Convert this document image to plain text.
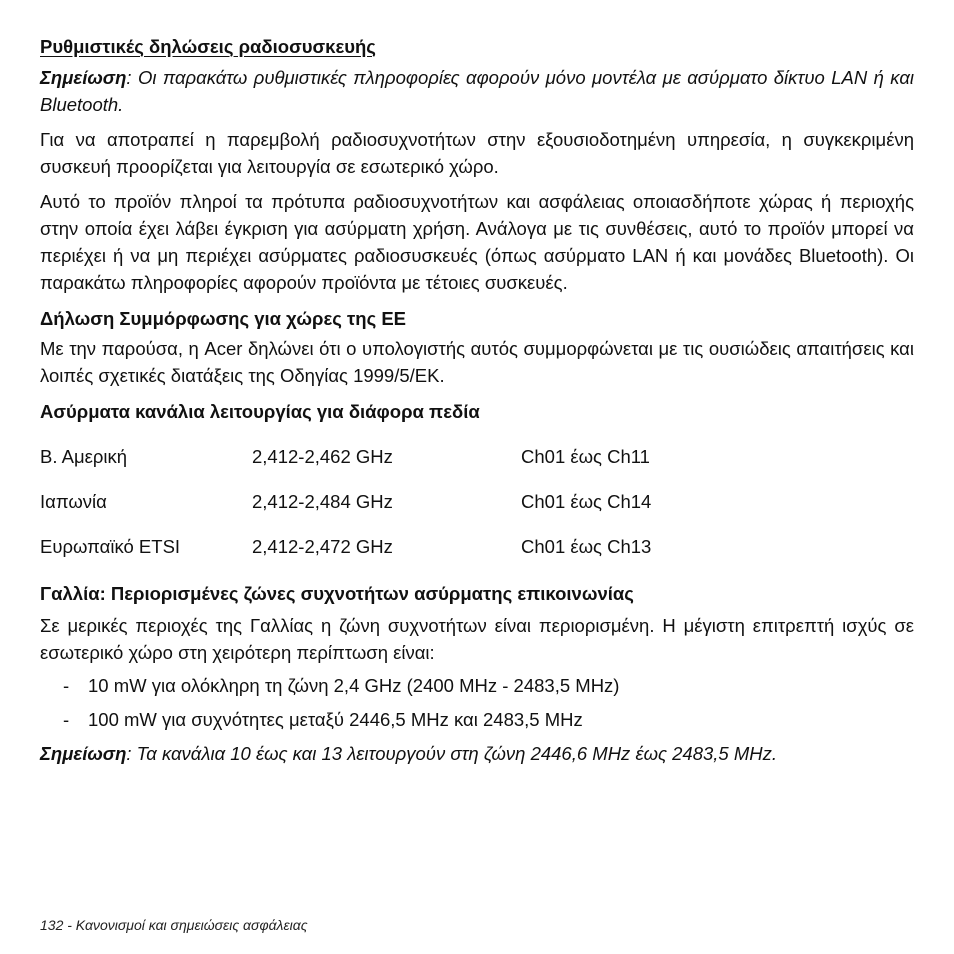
Ρυθμιστικές δηλώσεις ραδιοσυσκευής

Σημείωση: Οι παρακάτω ρυθμιστικές πληροφορίες αφορούν μόνο μοντέλα με ασύρματο δίκτυο LAN ή και Bluetooth.

Για να αποτραπεί η παρεμβολή ραδιοσυχνοτήτων στην εξουσιοδοτημένη υπηρεσία, η συγκεκριμένη συσκευή προορίζεται για λειτουργία σε εσωτερικό χώρο.

Αυτό το προϊόν πληροί τα πρότυπα ραδιοσυχνοτήτων και ασφάλειας οποιασδήποτε χώρας ή περιοχής στην οποία έχει λάβει έγκριση για ασύρματη χρήση. Ανάλογα με τις συνθέσεις, αυτό το προϊόν μπορεί να περιέχει ή να μη περιέχει ασύρματες ραδιοσυσκευές (όπως ασύρματο LAN ή και μονάδες Bluetooth). Οι παρακάτω πληροφορίες αφορούν προϊόντα με τέτοιες συσκευές.

Δήλωση Συμμόρφωσης για χώρες της ΕΕ

Με την παρούσα, η Acer δηλώνει ότι ο υπολογιστής αυτός συμμορφώνεται με τις ουσιώδεις απαιτήσεις και λοιπές σχετικές διατάξεις της Οδηγίας 1999/5/ΕΚ.

Ασύρματα κανάλια λειτουργίας για διάφορα πεδία
Β. Αμερική	2,412-2,462 GHz	Ch01 έως Ch11
Ιαπωνία	2,412-2,484 GHz	Ch01 έως Ch14
Ευρωπαϊκό ETSI	2,412-2,472 GHz	Ch01 έως Ch13
Γαλλία: Περιορισμένες ζώνες συχνοτήτων ασύρματης επικοινωνίας

Σε μερικές περιοχές της Γαλλίας η ζώνη συχνοτήτων είναι περιορισμένη. Η μέγιστη επιτρεπτή ισχύς σε εσωτερικό χώρο στη χειρότερη περίπτωση είναι:

- 10 mW για ολόκληρη τη ζώνη 2,4 GHz (2400 MHz - 2483,5 MHz)
- 100 mW για συχνότητες μεταξύ 2446,5 MHz και 2483,5 MHz

Σημείωση: Τα κανάλια 10 έως και 13 λειτουργούν στη ζώνη 2446,6 MHz έως 2483,5 MHz.

132 - Κανονισμοί και σημειώσεις ασφάλειας
